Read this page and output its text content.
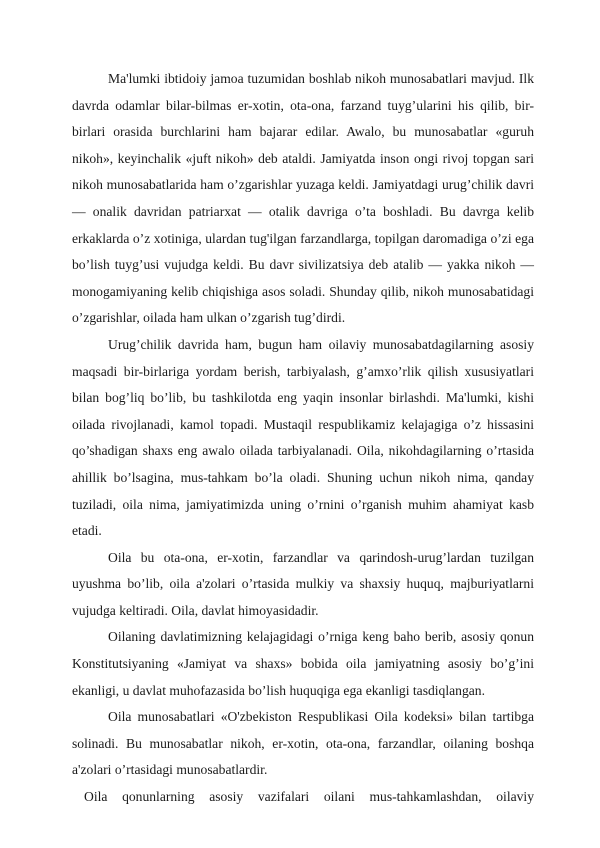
Ma'lumki ibtidoiy jamoa tuzumidan boshlab nikoh munosabatlari mavjud. Ilk davrda odamlar bilar-bilmas er-xotin, ota-ona, farzand tuyg’ularini his qilib, bir-birlari orasida burchlarini ham bajarar edilar. Awalo, bu munosabatlar «guruh nikoh», keyinchalik «juft nikoh» deb ataldi. Jamiyatda inson ongi rivoj topgan sari nikoh munosabatlarida ham o’zgarishlar yuzaga keldi. Jamiyatdagi urug’chilik davri — onalik davridan patriarxat — otalik davriga o’ta boshladi. Bu davrga kelib erkaklarda o’z xotiniga, ulardan tug'ilgan farzandlarga, topilgan daromadiga o’zi ega bo’lish tuyg’usi vujudga keldi. Bu davr sivilizatsiya deb atalib — yakka nikoh — monogamiyaning kelib chiqishiga asos soladi. Shunday qilib, nikoh munosabatidagi o’zgarishlar, oilada ham ulkan o’zgarish tug’dirdi.

Urug’chilik davrida ham, bugun ham oilaviy munosabatdagilarning asosiy maqsadi bir-birlariga yordam berish, tarbiyalash, g’amxo’rlik qilish xususiyatlari bilan bog’liq bo’lib, bu tashkilotda eng yaqin insonlar birlashdi. Ma'lumki, kishi oilada rivojlanadi, kamol topadi. Mustaqil respublikamiz kelajagiga o’z hissasini qo’shadigan shaxs eng awalo oilada tarbiyalanadi. Oila, nikohdagilarning o’rtasida ahillik bo’lsagina, mus-tahkam bo’la oladi. Shuning uchun nikoh nima, qanday tuziladi, oila nima, jamiyatimizda uning o’rnini o’rganish muhim ahamiyat kasb etadi.

Oila bu ota-ona, er-xotin, farzandlar va qarindosh-urug’lardan tuzilgan uyushma bo’lib, oila a'zolari o’rtasida mulkiy va shaxsiy huquq, majburiyatlarni vujudga keltiradi. Oila, davlat himoyasidadir.

Oilaning davlatimizning kelajagidagi o’rniga keng baho berib, asosiy qonun Konstitutsiyaning «Jamiyat va shaxs» bobida oila jamiyatning asosiy bo’g’ini ekanligi, u davlat muhofazasida bo’lish huquqiga ega ekanligi tasdiqlangan.

Oila munosabatlari «O'zbekiston Respublikasi Oila kodeksi» bilan tartibga solinadi. Bu munosabatlar nikoh, er-xotin, ota-ona, farzandlar, oilaning boshqa a'zolari o’rtasidagi munosabatlardir.

Oila qonunlarning asosiy vazifalari oilani mus-tahkamlashdan, oilaviy
